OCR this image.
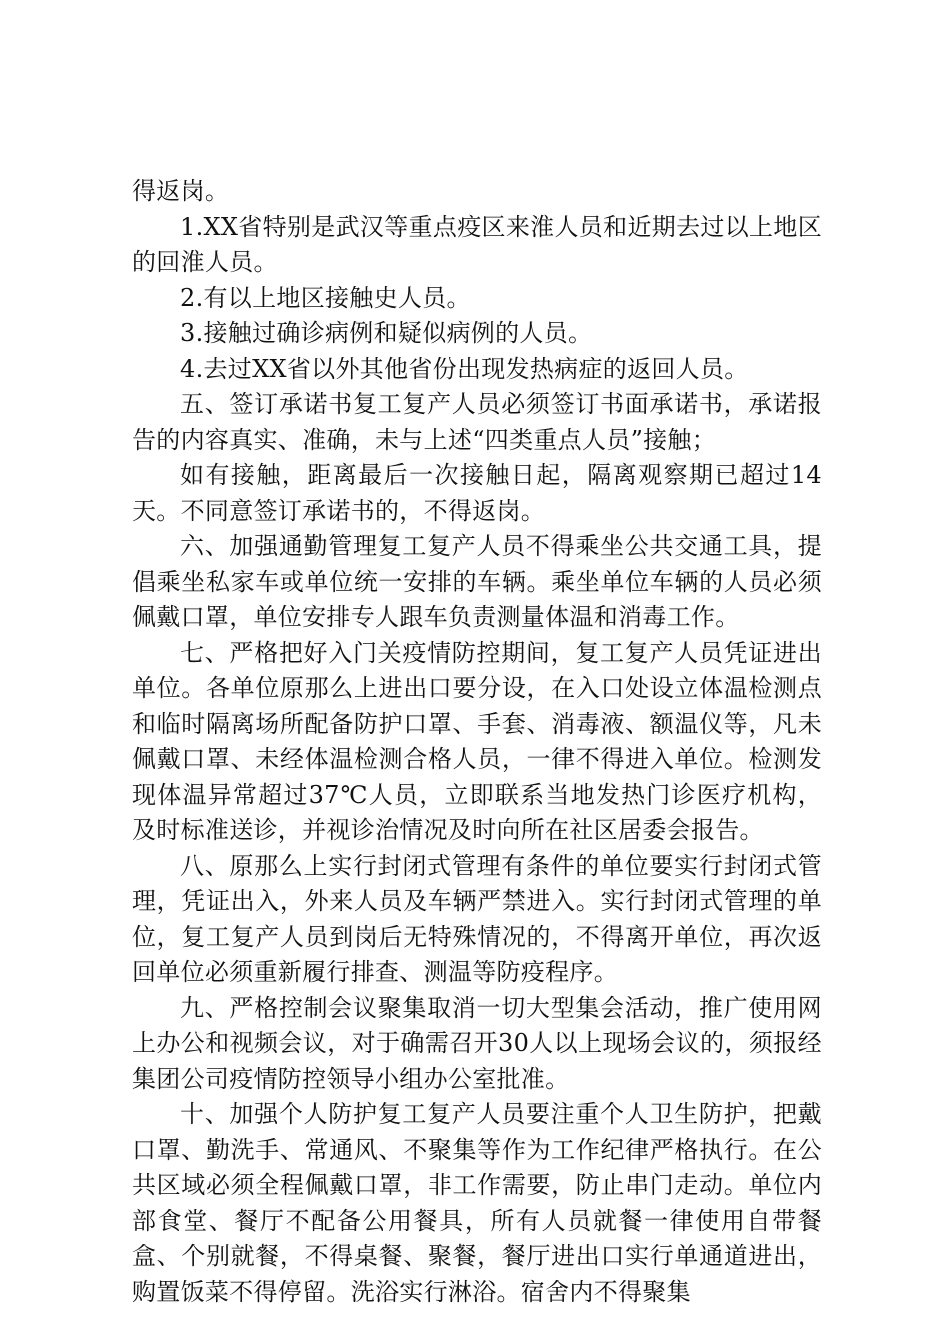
得返岗。

1.XX省特别是武汉等重点疫区来淮人员和近期去过以上地区的回淮人员。

2.有以上地区接触史人员。

3.接触过确诊病例和疑似病例的人员。

4.去过XX省以外其他省份出现发热病症的返回人员。

五、签订承诺书复工复产人员必须签订书面承诺书，承诺报告的内容真实、准确，未与上述“四类重点人员”接触；

如有接触，距离最后一次接触日起，隔离观察期已超过14天。不同意签订承诺书的，不得返岗。

六、加强通勤管理复工复产人员不得乘坐公共交通工具，提倡乘坐私家车或单位统一安排的车辆。乘坐单位车辆的人员必须佩戴口罩，单位安排专人跟车负责测量体温和消毒工作。

七、严格把好入门关疫情防控期间，复工复产人员凭证进出单位。各单位原那么上进出口要分设，在入口处设立体温检测点和临时隔离场所配备防护口罩、手套、消毒液、额温仪等，凡未佩戴口罩、未经体温检测合格人员，一律不得进入单位。检测发现体温异常超过37℃人员，立即联系当地发热门诊医疗机构，及时标准送诊，并视诊治情况及时向所在社区居委会报告。

八、原那么上实行封闭式管理有条件的单位要实行封闭式管理，凭证出入，外来人员及车辆严禁进入。实行封闭式管理的单位，复工复产人员到岗后无特殊情况的，不得离开单位，再次返回单位必须重新履行排查、测温等防疫程序。

九、严格控制会议聚集取消一切大型集会活动，推广使用网上办公和视频会议，对于确需召开30人以上现场会议的，须报经集团公司疫情防控领导小组办公室批准。

十、加强个人防护复工复产人员要注重个人卫生防护，把戴口罩、勤洗手、常通风、不聚集等作为工作纪律严格执行。在公共区域必须全程佩戴口罩，非工作需要，防止串门走动。单位内部食堂、餐厅不配备公用餐具，所有人员就餐一律使用自带餐盒、个别就餐，不得桌餐、聚餐，餐厅进出口实行单通道进出，购置饭菜不得停留。洗浴实行淋浴。宿舍内不得聚集
